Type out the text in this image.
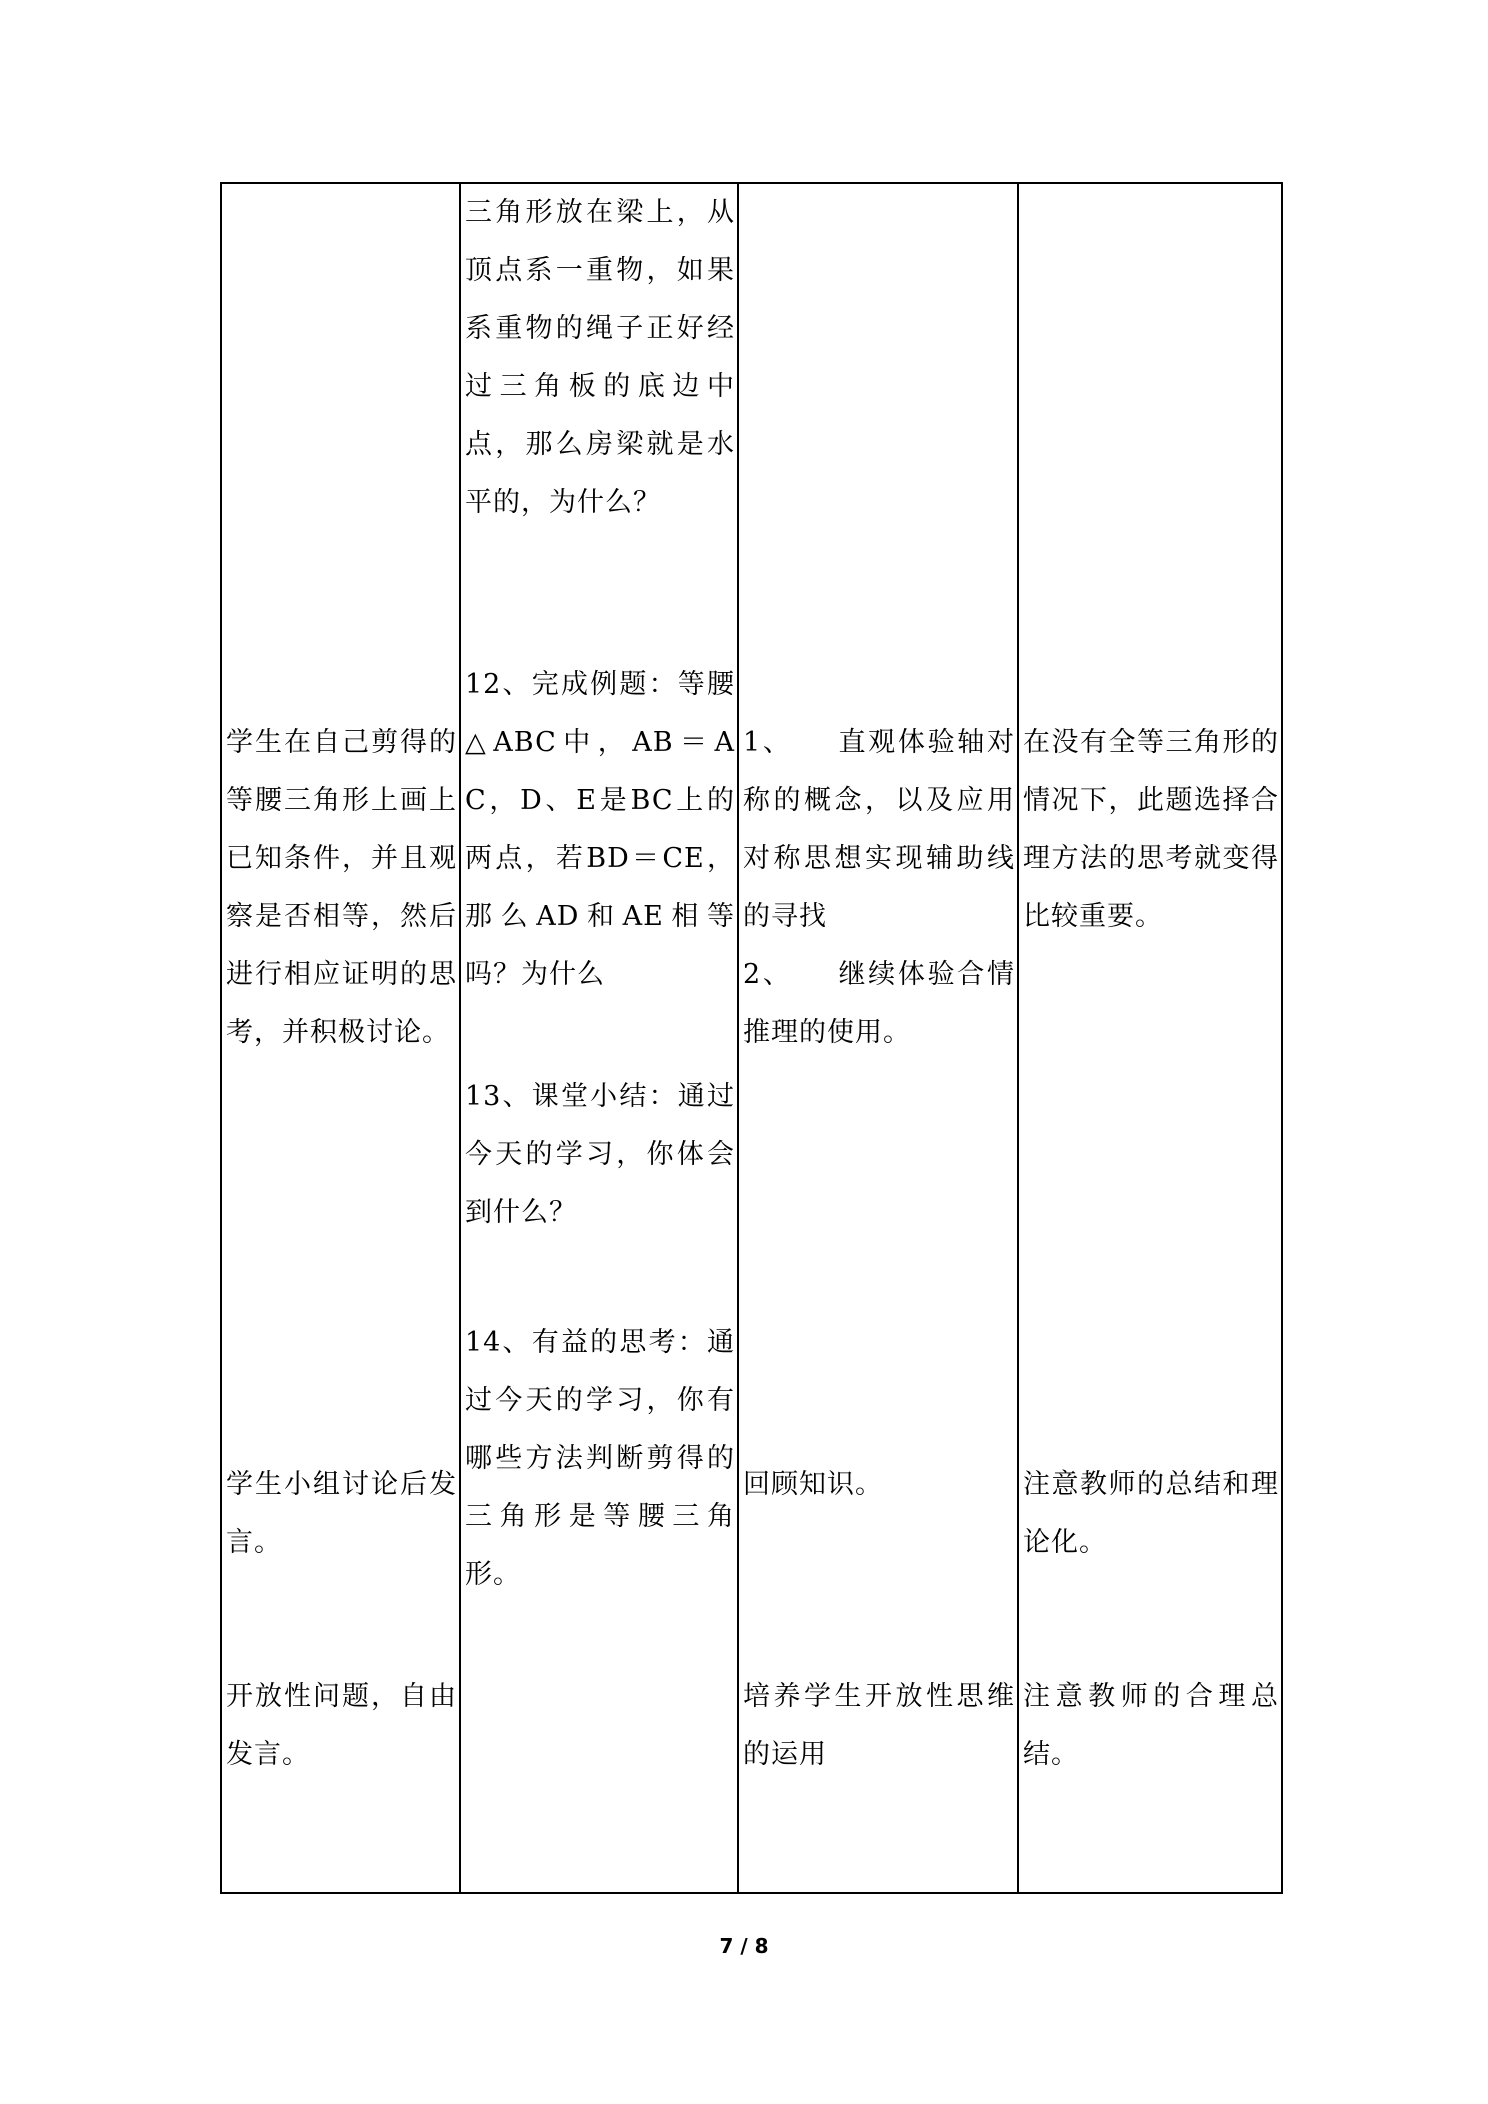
学生在自己剪得的等腰三角形上画上已知条件，并且观察是否相等，然后进行相应证明的思考，并积极讨论。
学生小组讨论后发言。
开放性问题，自由发言。
三角形放在梁上，从顶点系一重物，如果系重物的绳子正好经过三角板的底边中点，那么房梁就是水平的，为什么？
12、完成例题：等腰△ABC中，AB＝AC，D、E是BC上的两点，若BD＝CE，那么AD和AE相等吗？为什么
13、课堂小结：通过今天的学习，你体会到什么？
14、有益的思考：通过今天的学习，你有哪些方法判断剪得的三角形是等腰三角形。
1、　　直观体验轴对称的概念，以及应用对称思想实现辅助线的寻找
2、　　继续体验合情推理的使用。
回顾知识。
培养学生开放性思维的运用
在没有全等三角形的情况下，此题选择合理方法的思考就变得比较重要。
注意教师的总结和理论化。
注意教师的合理总结。
7 / 8
